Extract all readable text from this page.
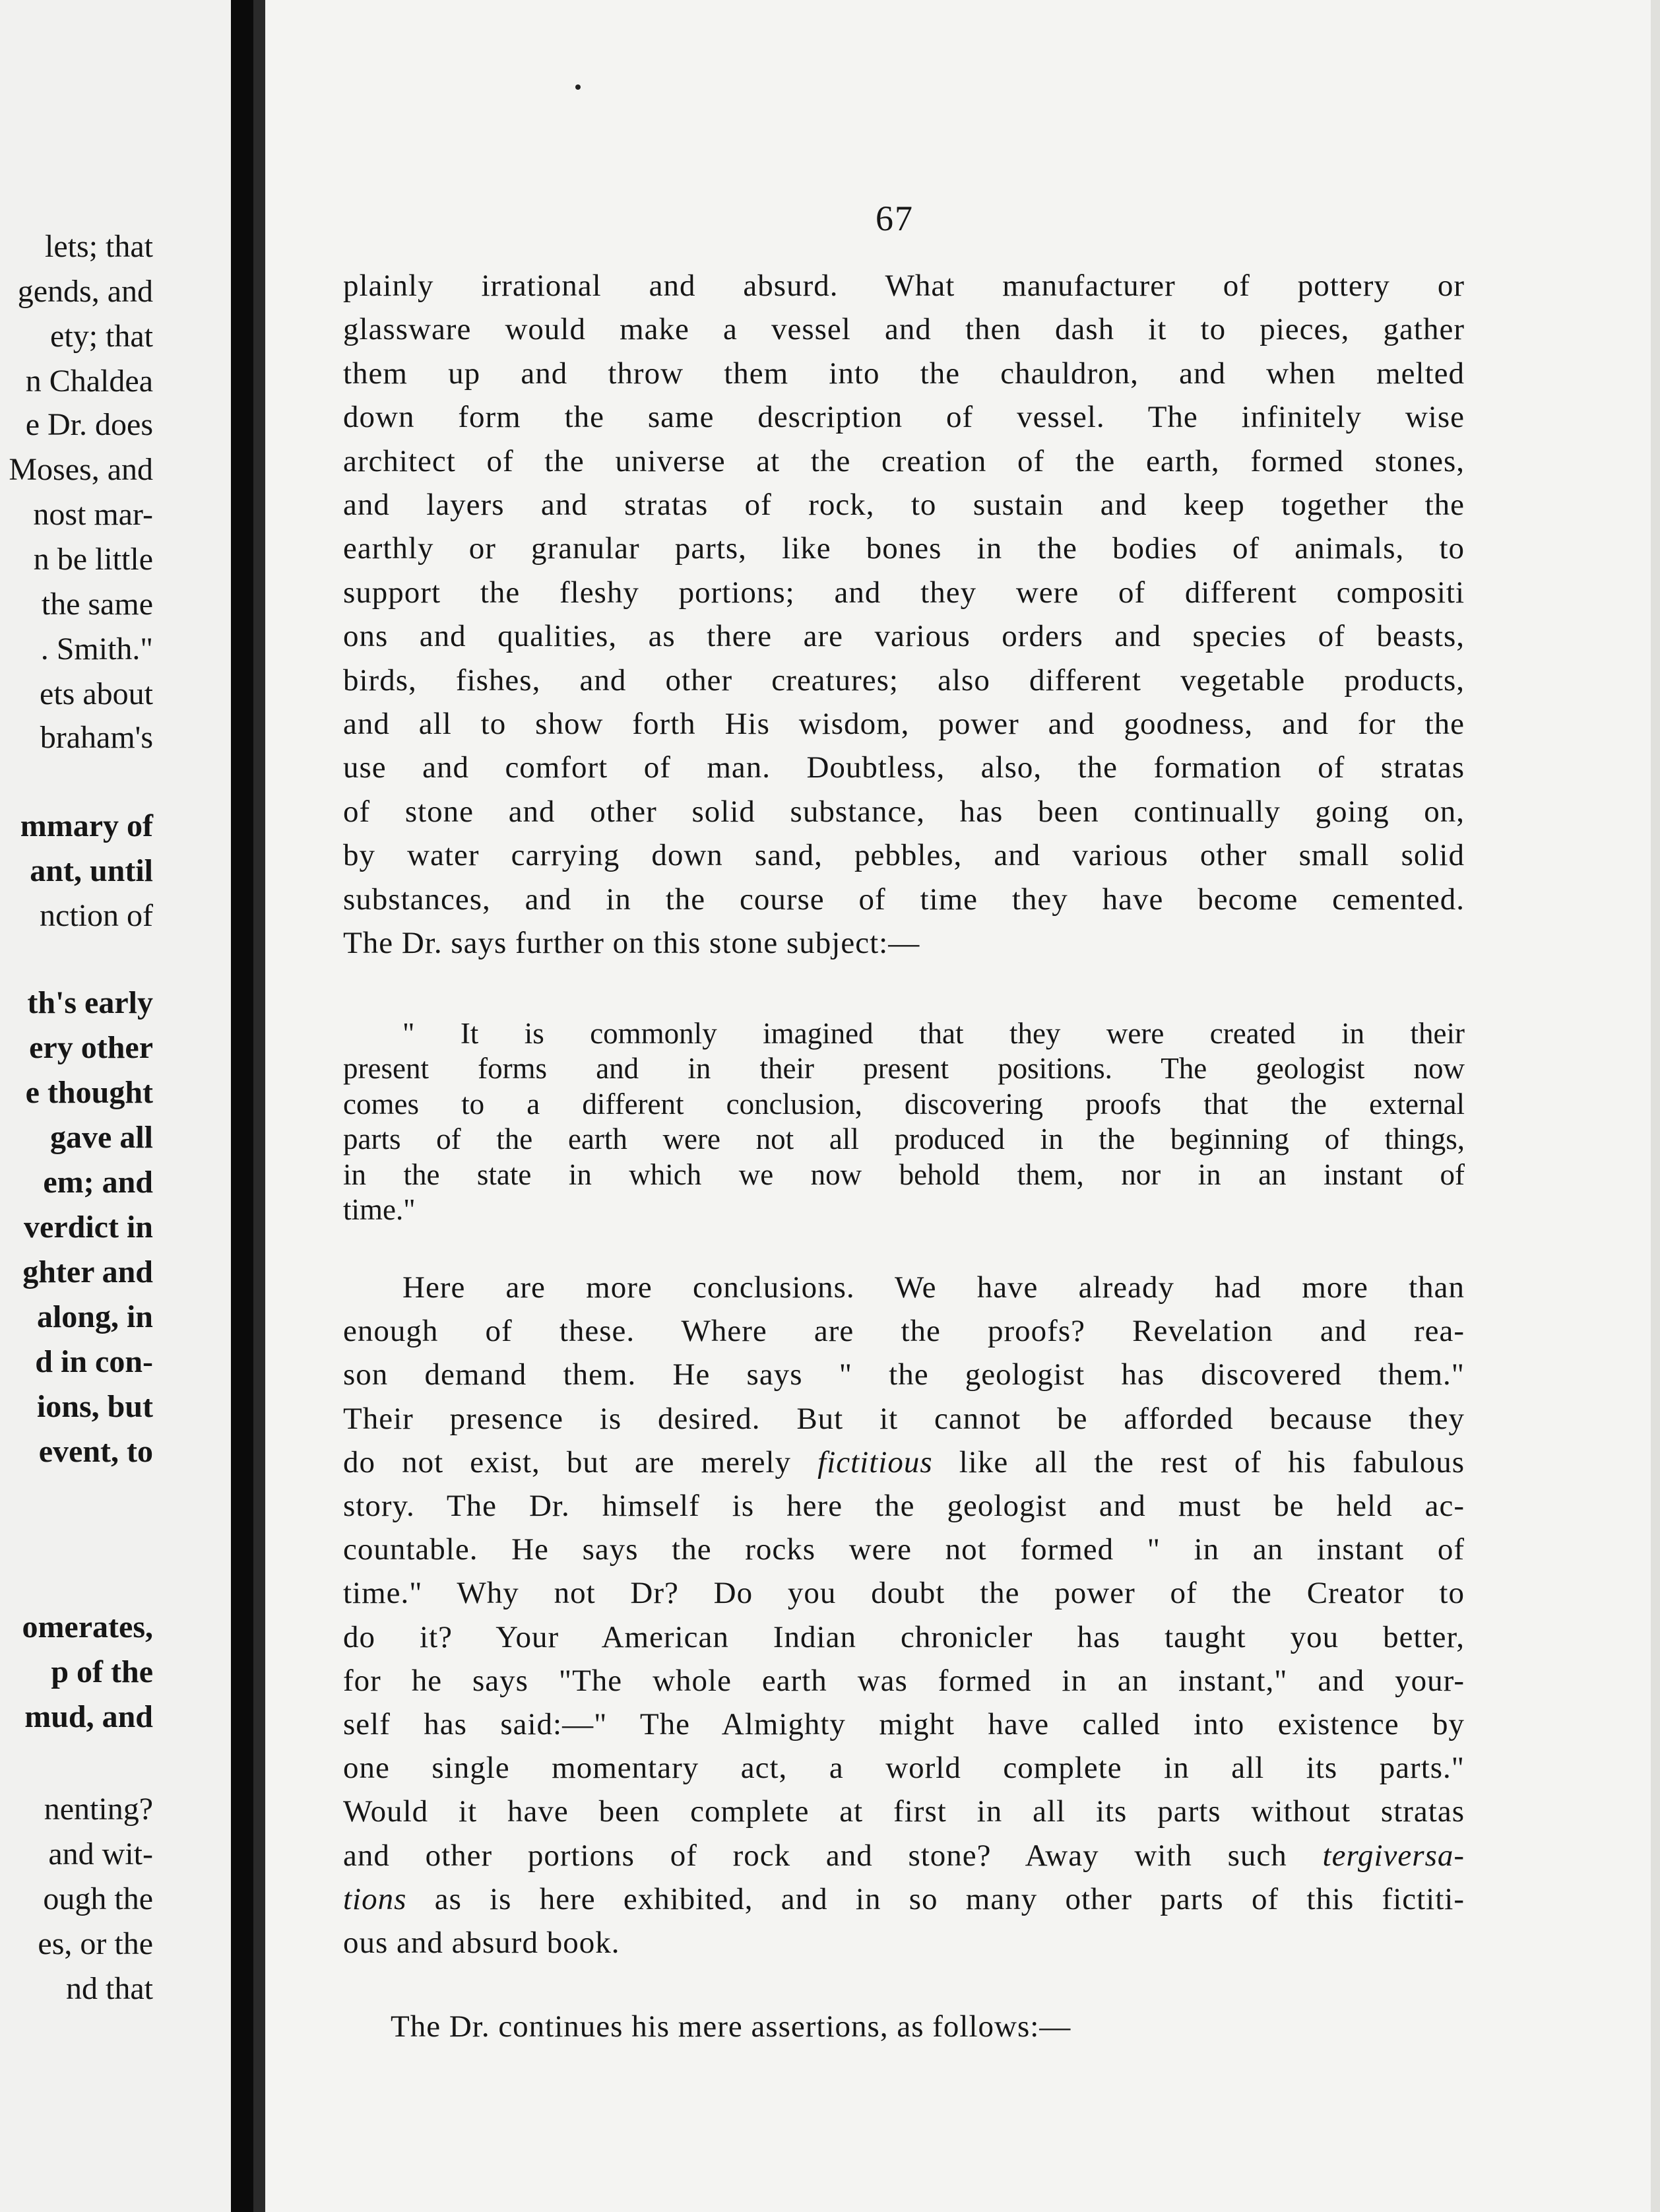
lets; that
gends, and
ety; that
n Chaldea
e Dr. does
Moses, and
nost mar-
n be little
the same
. Smith."
ets about
braham's
mmary of
ant, until
nction of
th's early
ery other
e thought
gave all
em; and
verdict in
ghter and
along, in
d in con-
ions, but
event, to
omerates,
p of the
mud, and
nenting?
and wit-
ough the
es, or the
nd that
67
plainly irrational and absurd. What manufacturer of pottery or
glassware would make a vessel and then dash it to pieces, gather
them up and throw them into the chauldron, and when melted
down form the same description of vessel. The infinitely wise
architect of the universe at the creation of the earth, formed stones,
and layers and stratas of rock, to sustain and keep together the
earthly or granular parts, like bones in the bodies of animals, to
support the fleshy portions; and they were of different compositi
ons and qualities, as there are various orders and species of beasts,
birds, fishes, and other creatures; also different vegetable products,
and all to show forth His wisdom, power and goodness, and for the
use and comfort of man. Doubtless, also, the formation of stratas
of stone and other solid substance, has been continually going on,
by water carrying down sand, pebbles, and various other small solid
substances, and in the course of time they have become cemented.
The Dr. says further on this stone subject:—
" It is commonly imagined that they were created in their
present forms and in their present positions. The geologist now
comes to a different conclusion, discovering proofs that the external
parts of the earth were not all produced in the beginning of things,
in the state in which we now behold them, nor in an instant of
time."
Here are more conclusions. We have already had more than
enough of these. Where are the proofs? Revelation and rea-
son demand them. He says " the geologist has discovered them."
Their presence is desired. But it cannot be afforded because they
do not exist, but are merely fictitious like all the rest of his fabulous
story. The Dr. himself is here the geologist and must be held ac-
countable. He says the rocks were not formed " in an instant of
time." Why not Dr? Do you doubt the power of the Creator to
do it? Your American Indian chronicler has taught you better,
for he says "The whole earth was formed in an instant," and your-
self has said:—" The Almighty might have called into existence by
one single momentary act, a world complete in all its parts."
Would it have been complete at first in all its parts without stratas
and other portions of rock and stone? Away with such tergiversa-
tions as is here exhibited, and in so many other parts of this fictiti-
ous and absurd book.
The Dr. continues his mere assertions, as follows:—
